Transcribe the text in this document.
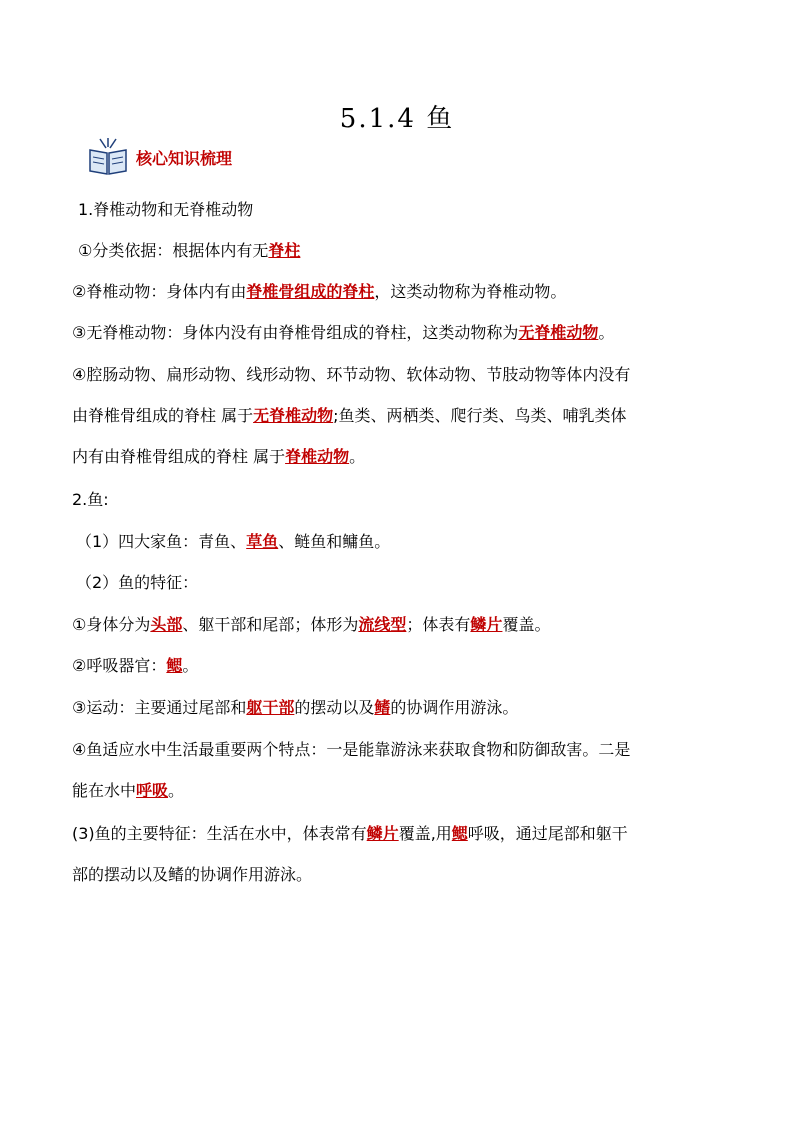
5.1.4 鱼
核心知识梳理
1.脊椎动物和无脊椎动物
①分类依据：根据体内有无脊柱
②脊椎动物：身体内有由脊椎骨组成的脊柱，这类动物称为脊椎动物。
③无脊椎动物：身体内没有由脊椎骨组成的脊柱，这类动物称为无脊椎动物。
④腔肠动物、扁形动物、线形动物、环节动物、软体动物、节肢动物等体内没有
由脊椎骨组成的脊柱 属于无脊椎动物;鱼类、两栖类、爬行类、鸟类、哺乳类体
内有由脊椎骨组成的脊柱 属于脊椎动物。
2.鱼:
（1）四大家鱼：青鱼、草鱼、鲢鱼和鳙鱼。
（2）鱼的特征：
①身体分为头部、躯干部和尾部；体形为流线型；体表有鳞片覆盖。
②呼吸器官：鳃。
③运动：主要通过尾部和躯干部的摆动以及鳍的协调作用游泳。
④鱼适应水中生活最重要两个特点：一是能靠游泳来获取食物和防御敌害。二是
能在水中呼吸。
(3)鱼的主要特征：生活在水中，体表常有鳞片覆盖,用鳃呼吸，通过尾部和躯干
部的摆动以及鳍的协调作用游泳。
